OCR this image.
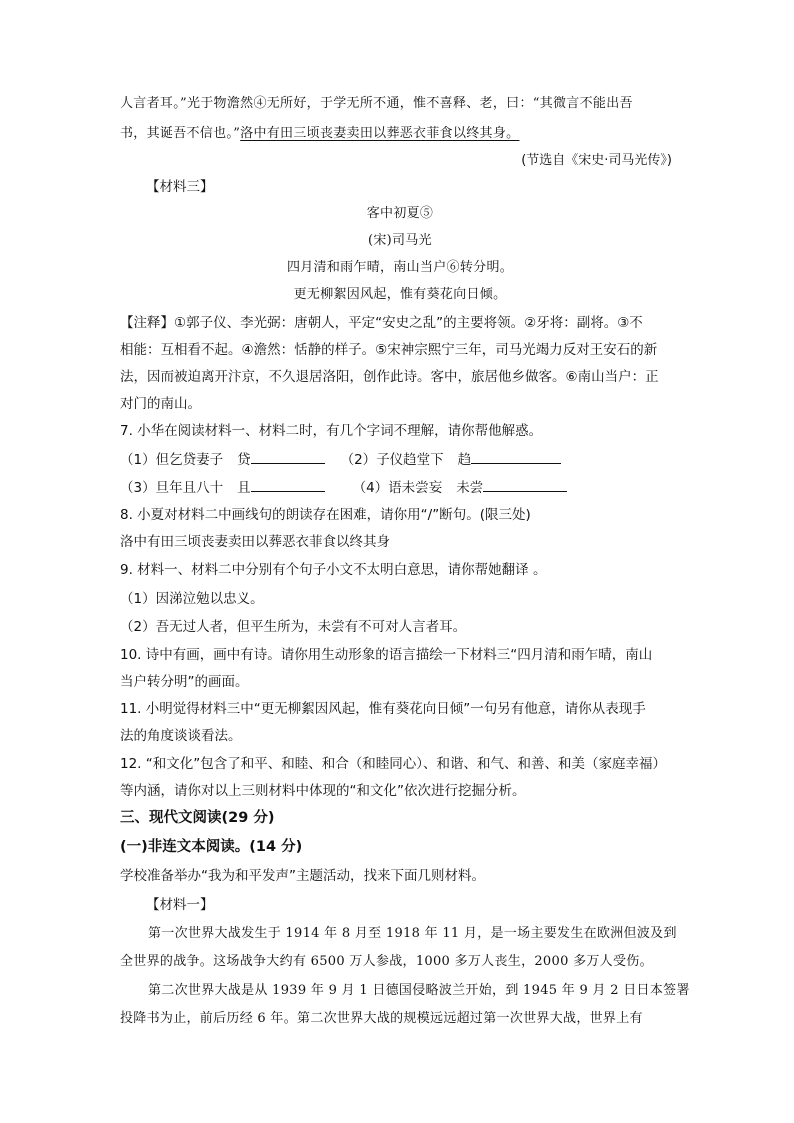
人言者耳。”光于物澹然④无所好，于学无所不通，惟不喜释、老，曰：“其微言不能出吾
书，其诞吾不信也。”洛中有田三顷丧妻卖田以葬恶衣菲食以终其身。
(节选自《宋史·司马光传》)
【材料三】
客中初夏⑤
(宋)司马光
四月清和雨乍晴，南山当户⑥转分明。
更无柳絮因风起，惟有葵花向日倾。
【注释】①郭子仪、李光弼：唐朝人，平定“安史之乱”的主要将领。②牙将：副将。③不
相能：互相看不起。④澹然：恬静的样子。⑤宋神宗熙宁三年，司马光竭力反对王安石的新
法，因而被迫离开汴京，不久退居洛阳，创作此诗。客中，旅居他乡做客。⑥南山当户：正
对门的南山。
7. 小华在阅读材料一、材料二时，有几个字词不理解，请你帮他解惑。
（1）但乞贷妻子 贷	（2）子仪趋堂下 趋
（3）旦年且八十 且	（4）语未尝妄 未尝
8. 小夏对材料二中画线句的朗读存在困难，请你用“/”断句。(限三处)
洛中有田三顷丧妻卖田以葬恶衣菲食以终其身
9. 材料一、材料二中分别有个句子小文不太明白意思，请你帮她翻译 。
（1）因涕泣勉以忠义。
（2）吾无过人者，但平生所为，未尝有不可对人言者耳。
10. 诗中有画，画中有诗。请你用生动形象的语言描绘一下材料三“四月清和雨乍晴，南山
当户转分明”的画面。
11. 小明觉得材料三中“更无柳絮因风起，惟有葵花向日倾”一句另有他意，请你从表现手
法的角度谈谈看法。
12. “和文化”包含了和平、和睦、和合（和睦同心）、和谐、和气、和善、和美（家庭幸福）
等内涵，请你对以上三则材料中体现的“和文化”依次进行挖掘分析。
三、现代文阅读(29 分)
(一)非连文本阅读。(14 分)
学校准备举办“我为和平发声”主题活动，找来下面几则材料。
【材料一】
第一次世界大战发生于 1914 年 8 月至 1918 年 11 月，是一场主要发生在欧洲但波及到
全世界的战争。这场战争大约有 6500 万人参战，1000 多万人丧生，2000 多万人受伤。
第二次世界大战是从 1939 年 9 月 1 日德国侵略波兰开始，到 1945 年 9 月 2 日日本签署
投降书为止，前后历经 6 年。第二次世界大战的规模远远超过第一次世界大战，世界上有
